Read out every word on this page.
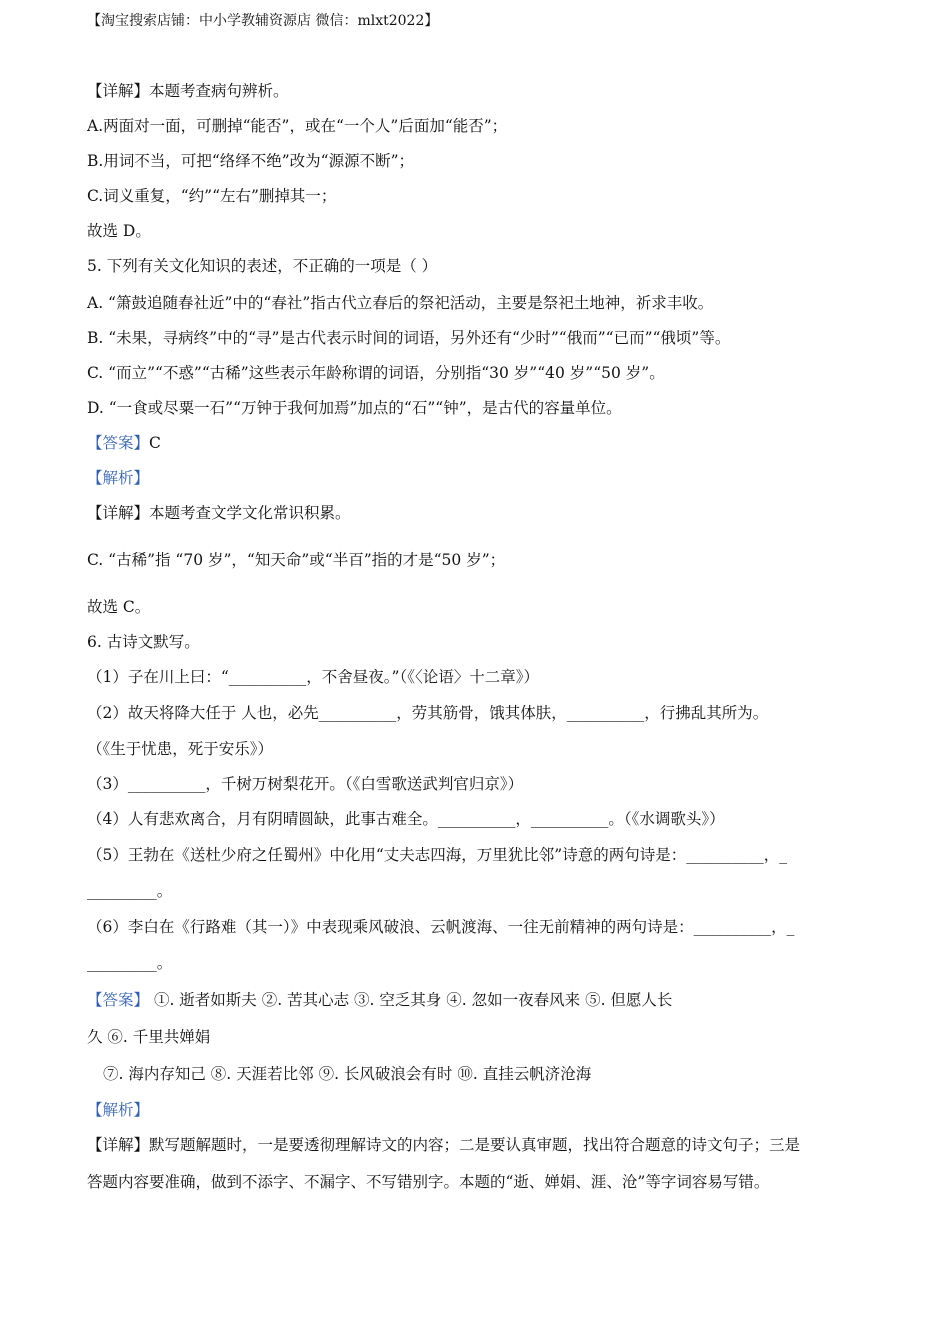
【淘宝搜索店铺：中小学教辅资源店 微信：mlxt2022】
【详解】本题考查病句辨析。
A.两面对一面，可删掉“能否”，或在“一个人”后面加“能否”；
B.用词不当，可把“络绎不绝”改为“源源不断”；
C.词义重复，“约”“左右”删掉其一；
故选 D。
5. 下列有关文化知识的表述，不正确的一项是（ ）
A. “箫鼓追随春社近”中的“春社”指古代立春后的祭祀活动，主要是祭祀土地神，祈求丰收。
B. “未果，寻病终”中的“寻”是古代表示时间的词语，另外还有“少时”“俄而”“已而”“俄顷”等。
C. “而立”“不惑”“古稀”这些表示年龄称谓的词语，分别指“30 岁”“40 岁”“50 岁”。
D. “一食或尽粟一石”“万钟于我何加焉”加点的“石”“钟”，是古代的容量单位。
【答案】C
【解析】
【详解】本题考查文学文化常识积累。
C. “古稀”指 “70 岁”，“知天命”或“半百”指的才是“50 岁”；
故选 C。
6. 古诗文默写。
（1）子在川上曰：“__________，不舍昼夜。”（《〈论语〉十二章》）
（2）故天将降大任于 人也，必先__________，劳其筋骨，饿其体肤，__________，行拂乱其所为。
（《生于忧患，死于安乐》）
（3）__________，千树万树梨花开。（《白雪歌送武判官归京》）
（4）人有悲欢离合，月有阴晴圆缺，此事古难全。__________，__________。（《水调歌头》）
（5）王勃在《送杜少府之任蜀州》中化用“丈夫志四海，万里犹比邻”诗意的两句诗是：__________，_
_________。
（6）李白在《行路难（其一）》中表现乘风破浪、云帆渡海、一往无前精神的两句诗是：__________，_
_________。
【答案】 ①. 逝者如斯夫 ②. 苦其心志 ③. 空乏其身 ④. 忽如一夜春风来 ⑤. 但愿人长
久 ⑥. 千里共婵娟
⑦. 海内存知己 ⑧. 天涯若比邻 ⑨. 长风破浪会有时 ⑩. 直挂云帆济沧海
【解析】
【详解】默写题解题时，一是要透彻理解诗文的内容；二是要认真审题，找出符合题意的诗文句子；三是
答题内容要准确，做到不添字、不漏字、不写错别字。本题的“逝、婵娟、涯、沧”等字词容易写错。
